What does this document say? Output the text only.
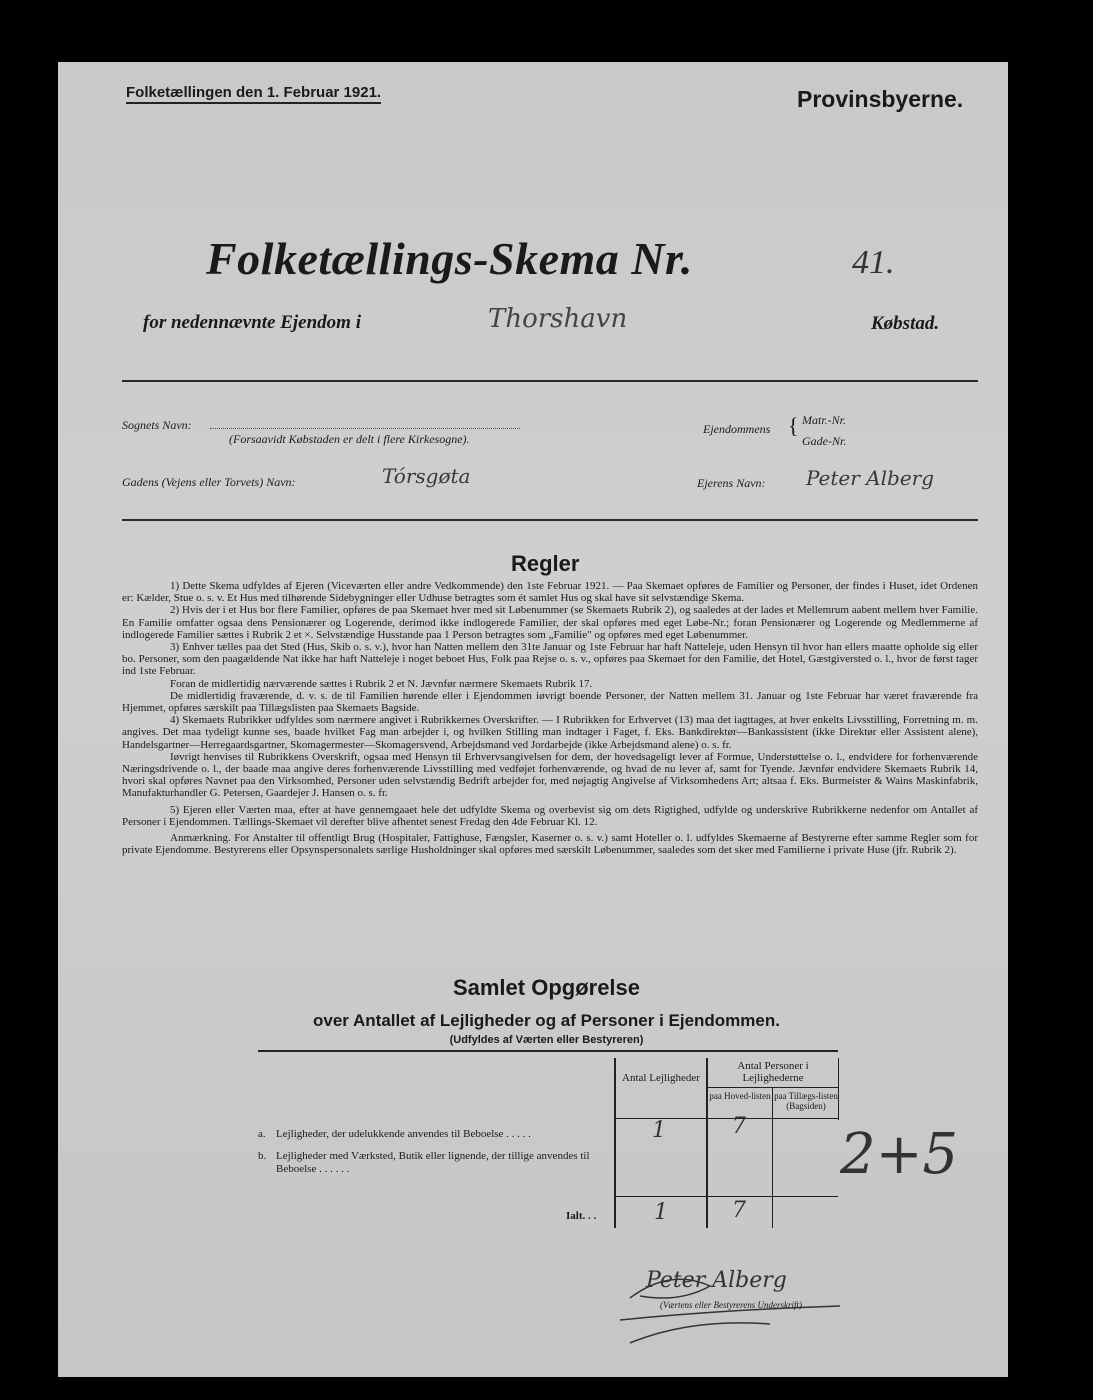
Folketællingen den 1. Februar 1921.	Provinsbyerne.
Folketællings-Skema Nr.	41.
for nedennævnte Ejendom i	Thorshavn	Købstad.
Sognets Navn:
(Forsaavidt Købstaden er delt i flere Kirkesogne).
Ejendommens { Matr.-Nr.
Gade-Nr.
Gadens (Vejens eller Torvets) Navn:	Tórsgøta	Ejerens Navn: Peter Alberg
Regler

1) Dette Skema udfyldes af Ejeren (Viceværten eller andre Vedkommende) den 1ste Februar 1921. — Paa Skemaet opføres de Familier og Personer, der findes i Huset, idet Ordenen er: Kælder, Stue o. s. v. Et Hus med tilhørende Sidebygninger eller Udhuse betragtes som ét samlet Hus og skal have sit selvstændige Skema.

2) Hvis der i et Hus bor flere Familier, opføres de paa Skemaet hver med sit Løbenummer (se Skemaets Rubrik 2), og saaledes at der lades et Mellemrum aabent mellem hver Familie. En Familie omfatter ogsaa dens Pensionærer og Logerende, derimod ikke indlogerede Familier, der skal opføres med eget Løbe-Nr.; foran Pensionærer og Logerende og Medlemmerne af indlogerede Familier sættes i Rubrik 2 et ×. Selvstændige Husstande paa 1 Person betragtes som „Familie" og opføres med eget Løbenummer.

3) Enhver tælles paa det Sted (Hus, Skib o. s. v.), hvor han Natten mellem den 31te Januar og 1ste Februar har haft Natteleje, uden Hensyn til hvor han ellers maatte opholde sig eller bo. Personer, som den paagældende Nat ikke har haft Natteleje i noget beboet Hus, Folk paa Rejse o. s. v., opføres paa Skemaet for den Familie, det Hotel, Gæstgiversted o. l., hvor de først tager ind 1ste Februar.

Foran de midlertidig nærværende sættes i Rubrik 2 et N. Jævnfør nærmere Skemaets Rubrik 17.

De midlertidig fraværende, d. v. s. de til Familien hørende eller i Ejendommen iøvrigt boende Personer, der Natten mellem 31. Januar og 1ste Februar har været fraværende fra Hjemmet, opføres særskilt paa Tillægslisten paa Skemaets Bagside.

4) Skemaets Rubrikker udfyldes som nærmere angivet i Rubrikkernes Overskrifter. — I Rubrikken for Erhvervet (13) maa det iagttages, at hver enkelts Livsstilling, Forretning m. m. angives. Det maa tydeligt kunne ses, baade hvilket Fag man arbejder i, og hvilken Stilling man indtager i Faget, f. Eks. Bankdirektør—Bankassistent (ikke Direktør eller Assistent alene), Handelsgartner—Herregaardsgartner, Skomagermester—Skomagersvend, Arbejdsmand ved Jordarbejde (ikke Arbejdsmand alene) o. s. fr.

Iøvrigt henvises til Rubrikkens Overskrift, ogsaa med Hensyn til Erhvervsangivelsen for dem, der hovedsageligt lever af Formue, Understøttelse o. l., endvidere for forhenværende Næringsdrivende o. l., der baade maa angive deres forhenværende Livsstilling med vedføjet forhenværende, og hvad de nu lever af, samt for Tyende. Jævnfør endvidere Skemaets Rubrik 14, hvori skal opføres Navnet paa den Virksomhed, Personer uden selvstændig Bedrift arbejder for, med nøjagtig Angivelse af Virksomhedens Art; altsaa f. Eks. Burmeister & Wains Maskinfabrik, Manufakturhandler G. Petersen, Gaardejer J. Hansen o. s. fr.

5) Ejeren eller Værten maa, efter at have gennemgaaet hele det udfyldte Skema og overbevist sig om dets Rigtighed, udfylde og underskrive Rubrikkerne nedenfor om Antallet af Personer i Ejendommen. Tællings-Skemaet vil derefter blive afhentet senest Fredag den 4de Februar Kl. 12.

Anmærkning. For Anstalter til offentligt Brug (Hospitaler, Fattighuse, Fængsler, Kaserner o. s. v.) samt Hoteller o. l. udfyldes Skemaerne af Bestyrerne efter samme Regler som for private Ejendomme. Bestyrerens eller Opsynspersonalets særlige Husholdninger skal opføres med særskilt Løbenummer, saaledes som det sker med Familierne i private Huse (jfr. Rubrik 2).

Samlet Opgørelse
over Antallet af Lejligheder og af Personer i Ejendommen.
(Udfyldes af Værten eller Bestyreren)
Antal Lejligheder
Antal Personer i Lejlighederne
paa Hoved-listen paa Tillægs-listen (Bagsiden)
a. Lejligheder, der udelukkende anvendes til Beboelse . . . . .	1	7
b. Lejligheder med Værksted, Butik eller lignende, der tillige anvendes til Beboelse . . . . . .
Ialt. . .	1	7
2+5
Peter Alberg
(Værtens eller Bestyrerens Underskrift)
